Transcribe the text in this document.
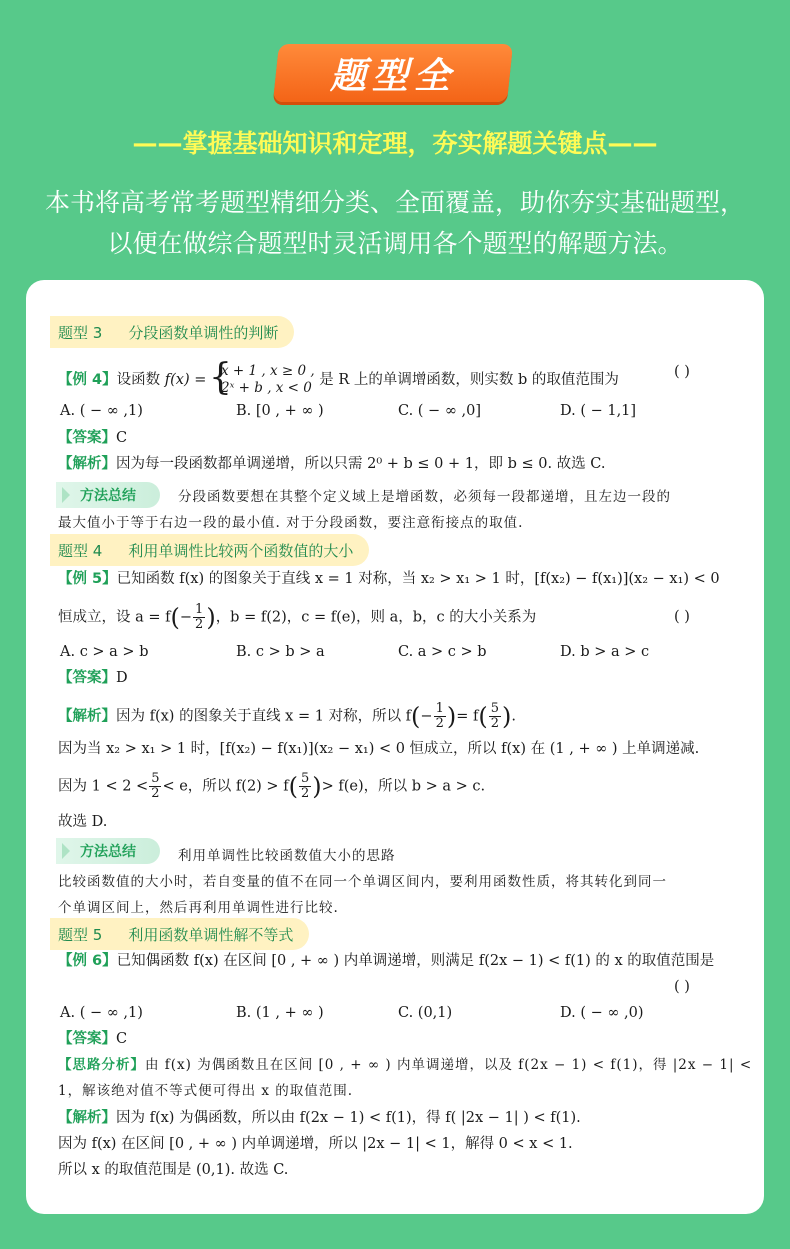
题型全
——掌握基础知识和定理，夯实解题关键点——
本书将高考常考题型精细分类、全面覆盖，助你夯实基础题型，
以便在做综合题型时灵活调用各个题型的解题方法。
题型 3 分段函数单调性的判断
【例 4】设函数 f(x) =
{ x + 1 , x ≥ 0 ,
2ˣ + b , x < 0 是 R 上的单调增函数，则实数 b 的取值范围为	( )
A. ( − ∞ ,1)	B. [0 , + ∞ )	C. ( − ∞ ,0]	D. ( − 1,1]
【答案】C
【解析】因为每一段函数都单调递增，所以只需 2⁰ + b ≤ 0 + 1，即 b ≤ 0. 故选 C.
方法总结	分段函数要想在其整个定义域上是增函数，必须每一段都递增，且左边一段的
最大值小于等于右边一段的最小值. 对于分段函数，要注意衔接点的取值.
题型 4 利用单调性比较两个函数值的大小
【例 5】已知函数 f(x) 的图象关于直线 x = 1 对称，当 x₂ > x₁ > 1 时，[f(x₂) − f(x₁)](x₂ − x₁) < 0
恒成立，设 $a = f(- \frac{1}{2}$ )，b = f(2)，c = f(e)，则 a，b，c 的大小关系为	( )
A. c > a > b	B. c > b > a	C. a > c > b	D. b > a > c
【答案】D
【解析】因为 f(x) 的图象关于直线 x = 1 对称，所以 $f(- \frac{1}{2}$ )= $f( \frac{5}{2}$ ).
因为当 x₂ > x₁ > 1 时，[f(x₂) − f(x₁)](x₂ − x₁) < 0 恒成立，所以 f(x) 在 (1 , + ∞ ) 上单调递减.
因为 $1 < 2 < \frac{5}{2} < e$，所以 $f(2) > f( \frac{5}{2}$ )> f(e)，所以 b > a > c.
故选 D.
方法总结	利用单调性比较函数值大小的思路
比较函数值的大小时，若自变量的值不在同一个单调区间内，要利用函数性质，将其转化到同一
个单调区间上，然后再利用单调性进行比较.
题型 5 利用函数单调性解不等式
【例 6】已知偶函数 f(x) 在区间 [0 , + ∞ ) 内单调递增，则满足 f(2x − 1) < f(1) 的 x 的取值范围是
( )
A. ( − ∞ ,1)	B. (1 , + ∞ )	C. (0,1)	D. ( − ∞ ,0)
【答案】C
【思路分析】由 f(x) 为偶函数且在区间 [0 , + ∞ ) 内单调递增，以及 f(2x − 1) < f(1)，得 |2x − 1| <
1，解该绝对值不等式便可得出 x 的取值范围.
【解析】因为 f(x) 为偶函数，所以由 f(2x − 1) < f(1)，得 f( |2x − 1| ) < f(1).
因为 f(x) 在区间 [0 , + ∞ ) 内单调递增，所以 |2x − 1| < 1，解得 0 < x < 1.
所以 x 的取值范围是 (0,1). 故选 C.
